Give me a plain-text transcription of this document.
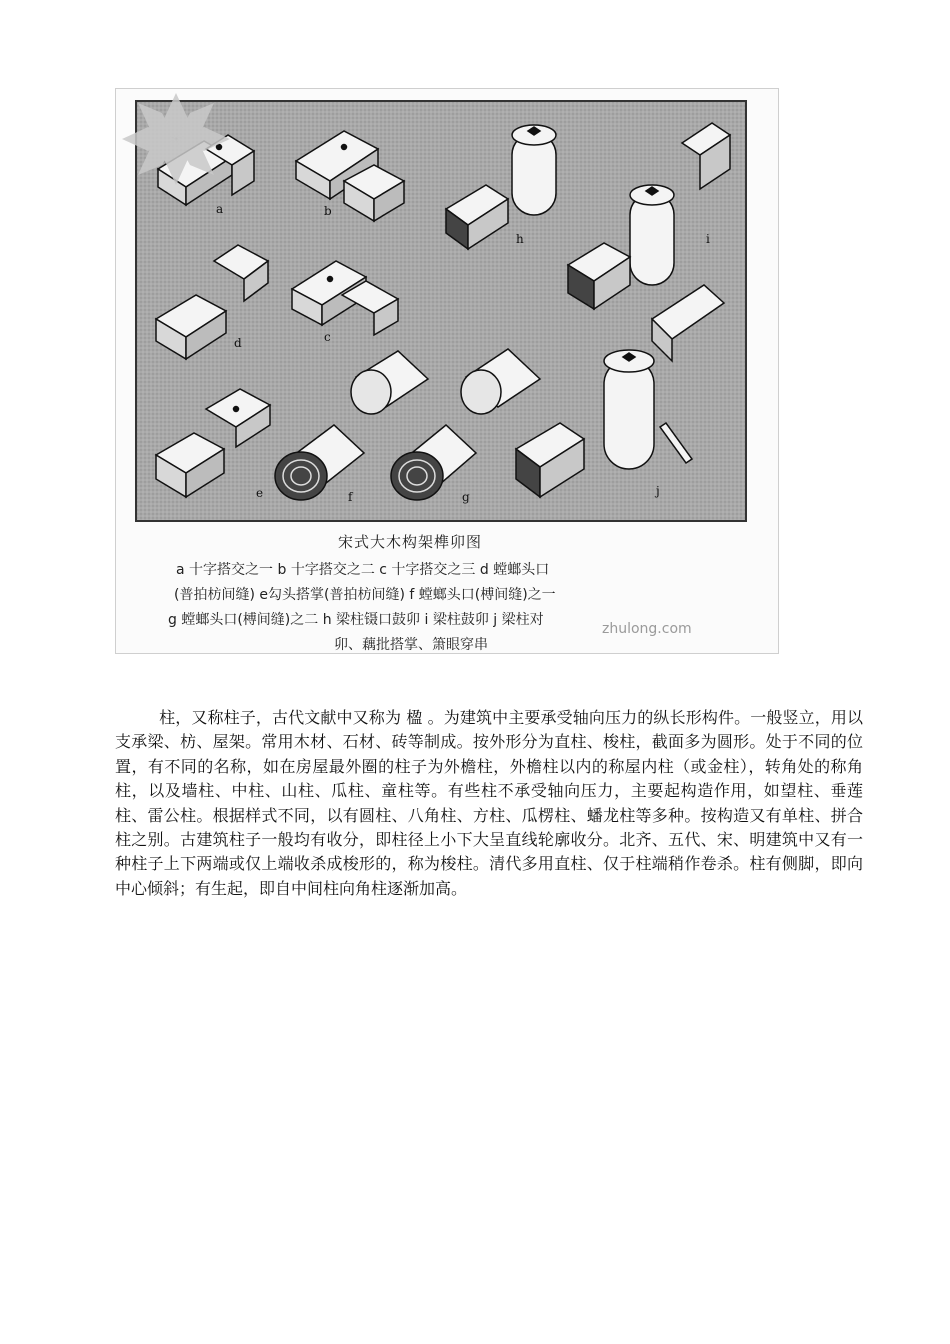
a	b
h	i
d	c
e	f	g	j
zhulong.com
宋式大木构架榫卯图
a 十字搭交之一 b 十字搭交之二 c 十字搭交之三 d 螳螂头口
(普拍枋间缝) e勾头搭掌(普拍枋间缝) f 螳螂头口(榑间缝)之一
g 螳螂头口(榑间缝)之二 h 梁柱镊口鼓卯 i 梁柱鼓卯 j 梁柱对
卯、藕批搭掌、箫眼穿串

柱，又称柱子，古代文献中又称为 楹 。为建筑中主要承受轴向压力的纵长形构件。一般竖立，用以支承梁、枋、屋架。常用木材、石材、砖等制成。按外形分为直柱、梭柱，截面多为圆形。处于不同的位置，有不同的名称，如在房屋最外圈的柱子为外檐柱，外檐柱以内的称屋内柱（或金柱），转角处的称角柱，以及墙柱、中柱、山柱、瓜柱、童柱等。有些柱不承受轴向压力，主要起构造作用，如望柱、垂莲柱、雷公柱。根据样式不同，以有圆柱、八角柱、方柱、瓜楞柱、蟠龙柱等多种。按构造又有单柱、拼合柱之别。古建筑柱子一般均有收分，即柱径上小下大呈直线轮廓收分。北齐、五代、宋、明建筑中又有一种柱子上下两端或仅上端收杀成梭形的，称为梭柱。清代多用直柱、仅于柱端稍作卷杀。柱有侧脚，即向中心倾斜；有生起，即自中间柱向角柱逐渐加高。
